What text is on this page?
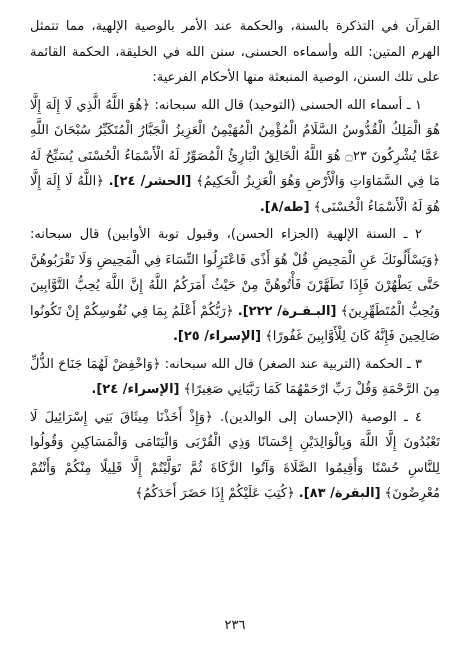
القرآن في التذكرة بالسنة، والحكمة عند الأمر بالوصية الإلهية، مما تتمثل الهرم المتين: الله وأسماءه الحسنى، سنن الله في الخليقة، الحكمة القائمة على تلك السنن، الوصية المنبعثة منها الأحكام الفرعية:

١ ـ أسماء الله الحسنى (التوحيد) قال الله سبحانه: ﴿هُوَ اللَّهُ الَّذِي لَا إِلَهَ إِلَّا هُوَ الْمَلِكُ الْقُدُّوسُ السَّلَامُ الْمُؤْمِنُ الْمُهَيْمِنُ الْعَزِيزُ الْجَبَّارُ الْمُتَكَبِّرُ سُبْحَانَ اللَّهِ عَمَّا يُشْرِكُونَ ۝٢٣ هُوَ اللَّهُ الْخَالِقُ الْبَارِئُ الْمُصَوِّرُ لَهُ الْأَسْمَاءُ الْحُسْنَى يُسَبِّحُ لَهُ مَا فِي السَّمَاوَاتِ وَالْأَرْضِ وَهُوَ الْعَزِيزُ الْحَكِيمُ﴾ [الحشر/ ٢٤]. ﴿اللَّهُ لَا إِلَهَ إِلَّا هُوَ لَهُ الْأَسْمَاءُ الْحُسْنَى﴾ [طه/٨].

٢ ـ السنة الإلهية (الجزاء الحسن)، وقبول توبة الأوابين) قال سبحانه: ﴿وَيَسْأَلُونَكَ عَنِ الْمَحِيضِ قُلْ هُوَ أَذًى فَاعْتَزِلُوا النِّسَاءَ فِي الْمَحِيضِ وَلَا تَقْرَبُوهُنَّ حَتَّى يَطْهُرْنَ فَإِذَا تَطَهَّرْنَ فَأْتُوهُنَّ مِنْ حَيْثُ أَمَرَكُمُ اللَّهُ إِنَّ اللَّهَ يُحِبُّ التَّوَّابِينَ وَيُحِبُّ الْمُتَطَهِّرِينَ﴾ [البـقـرة/ ٢٢٢]. ﴿رَبُّكُمْ أَعْلَمُ بِمَا فِي نُفُوسِكُمْ إِنْ تَكُونُوا صَالِحِينَ فَإِنَّهُ كَانَ لِلْأَوَّابِينَ غَفُورًا﴾ [الإسراء/ ٢٥].

٣ ـ الحكمة (التربية عند الصغر) قال الله سبحانه: ﴿وَاخْفِضْ لَهُمَا جَنَاحَ الذُّلِّ مِنَ الرَّحْمَةِ وَقُلْ رَبِّ ارْحَمْهُمَا كَمَا رَبَّيَانِي صَغِيرًا﴾ [الإسراء/ ٢٤].

٤ ـ الوصية (الإحسان إلى الوالدين). ﴿وَإِذْ أَخَذْنَا مِيثَاقَ بَنِي إِسْرَائِيلَ لَا تَعْبُدُونَ إِلَّا اللَّهَ وَبِالْوَالِدَيْنِ إِحْسَانًا وَذِي الْقُرْبَى وَالْيَتَامَى وَالْمَسَاكِينِ وَقُولُوا لِلنَّاسِ حُسْنًا وَأَقِيمُوا الصَّلَاةَ وَآتُوا الزَّكَاةَ ثُمَّ تَوَلَّيْتُمْ إِلَّا قَلِيلًا مِنْكُمْ وَأَنْتُمْ مُعْرِضُونَ﴾ [البقرة/ ٨٣]. ﴿كُتِبَ عَلَيْكُمْ إِذَا حَضَرَ أَحَدَكُمُ﴾

٢٣٦
